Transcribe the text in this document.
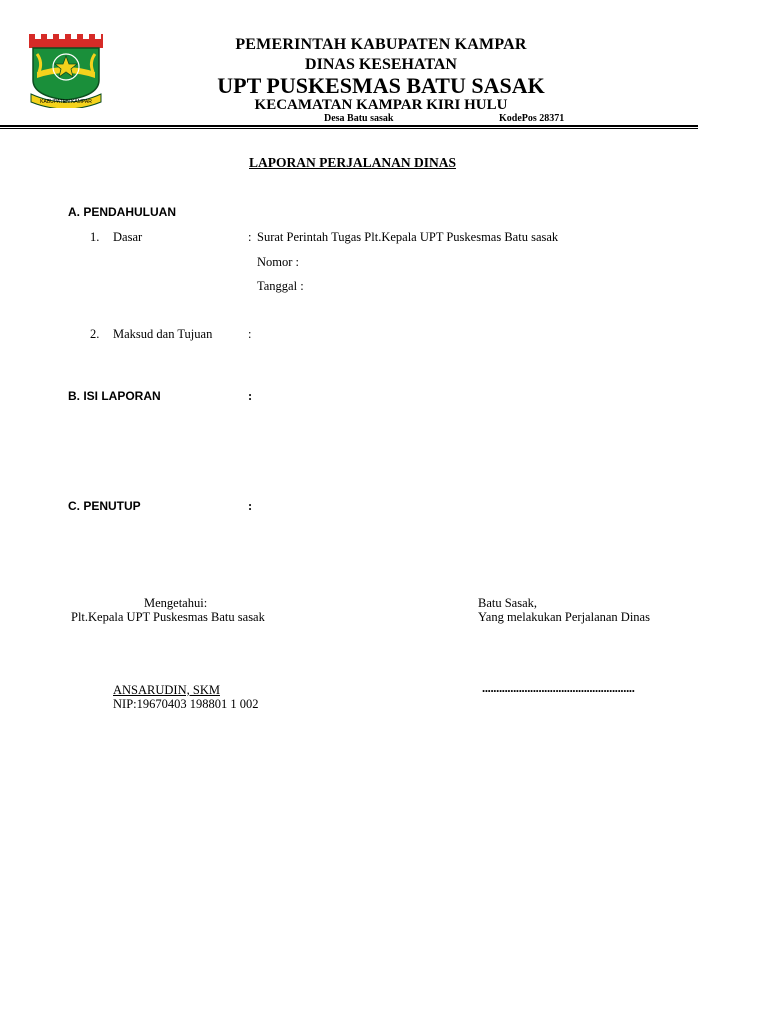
KABUPATEN KAMPAR
PEMERINTAH KABUPATEN KAMPAR
DINAS KESEHATAN
UPT PUSKESMAS BATU SASAK
KECAMATAN KAMPAR KIRI HULU
Desa Batu sasak	KodePos 28371
LAPORAN PERJALANAN DINAS
A. PENDAHULUAN
1. Dasar	: Surat Perintah Tugas Plt.Kepala UPT Puskesmas Batu sasak
Nomor :
Tanggal :
2. Maksud dan Tujuan	:
B. ISI LAPORAN	:
C. PENUTUP	:
Mengetahui:
Plt.Kepala UPT Puskesmas Batu sasak
ANSARUDIN, SKM
NIP:19670403 198801 1 002
Batu Sasak,
Yang melakukan Perjalanan Dinas
......................................................
